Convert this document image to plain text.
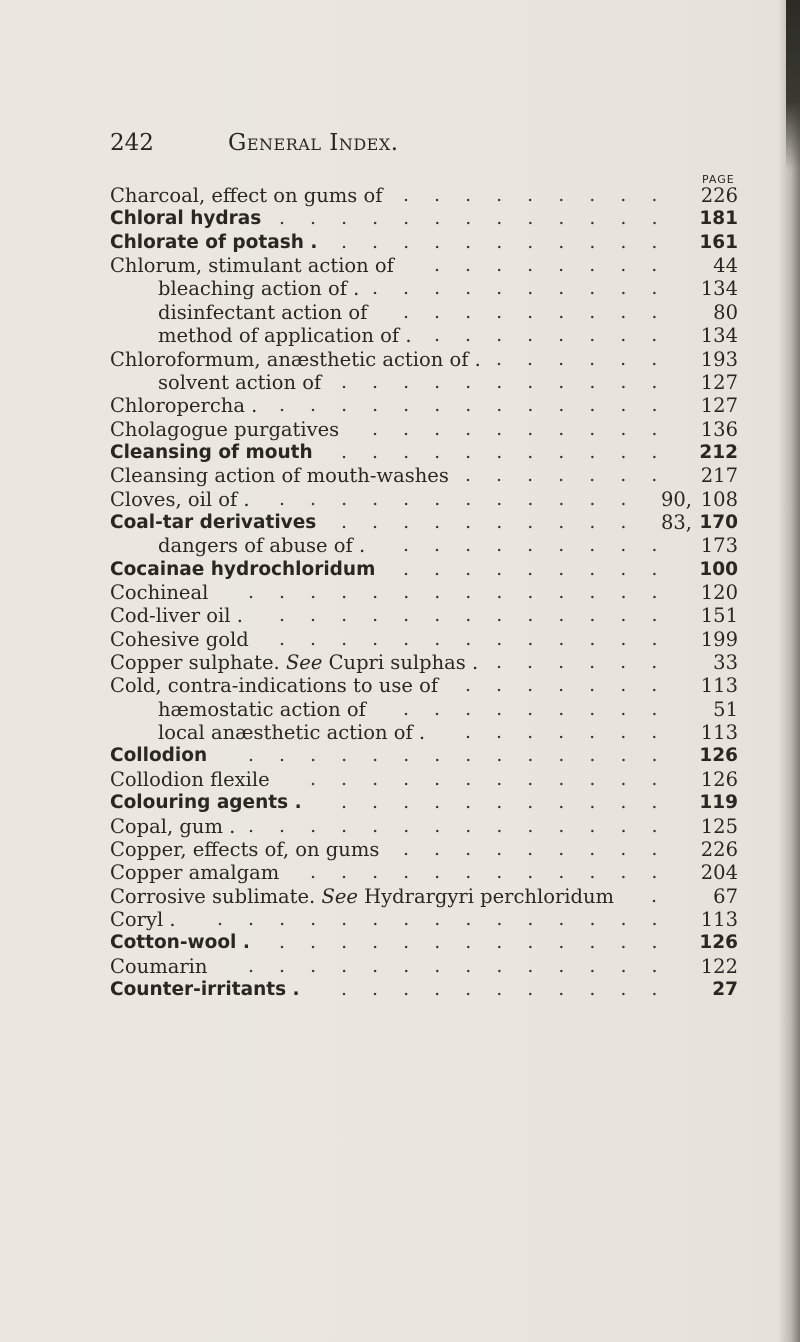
242	General Index.
PAGE
Charcoal, effect on gums of ......... 226
Chloral hydras ............. 181
Chlorate of potash . ........... 161
Chlorum, stimulant action of ........ 44
bleaching action of . .......... 134
disinfectant action of ......... 80
method of application of . ........ 134
Chloroformum, anæsthetic action of . ...... 193
solvent action of ........... 127
Chloropercha . ............. 127
Cholagogue purgatives .......... 136
Cleansing of mouth ........... 212
Cleansing action of mouth-washes ....... 217
Cloves, oil of . ............ 90, 108
Coal-tar derivatives .......... 83, 170
dangers of abuse of . ......... 173
Cocainae hydrochloridum ......... 100
Cochineal .............. 120
Cod-liver oil . ............. 151
Cohesive gold ............. 199
Copper sulphate. See Cupri sulphas . ...... 33
Cold, contra-indications to use of ....... 113
hæmostatic action of ......... 51
local anæsthetic action of . ....... 113
Collodion .............. 126
Collodion flexile ............ 126
Colouring agents . ........... 119
Copal, gum . .............. 125
Copper, effects of, on gums ......... 226
Copper amalgam ............ 204
Corrosive sublimate. See Hydrargyri perchloridum . 67
Coryl . ............... 113
Cotton-wool . ............. 126
Coumarin .............. 122
Counter-irritants . ........... 27
